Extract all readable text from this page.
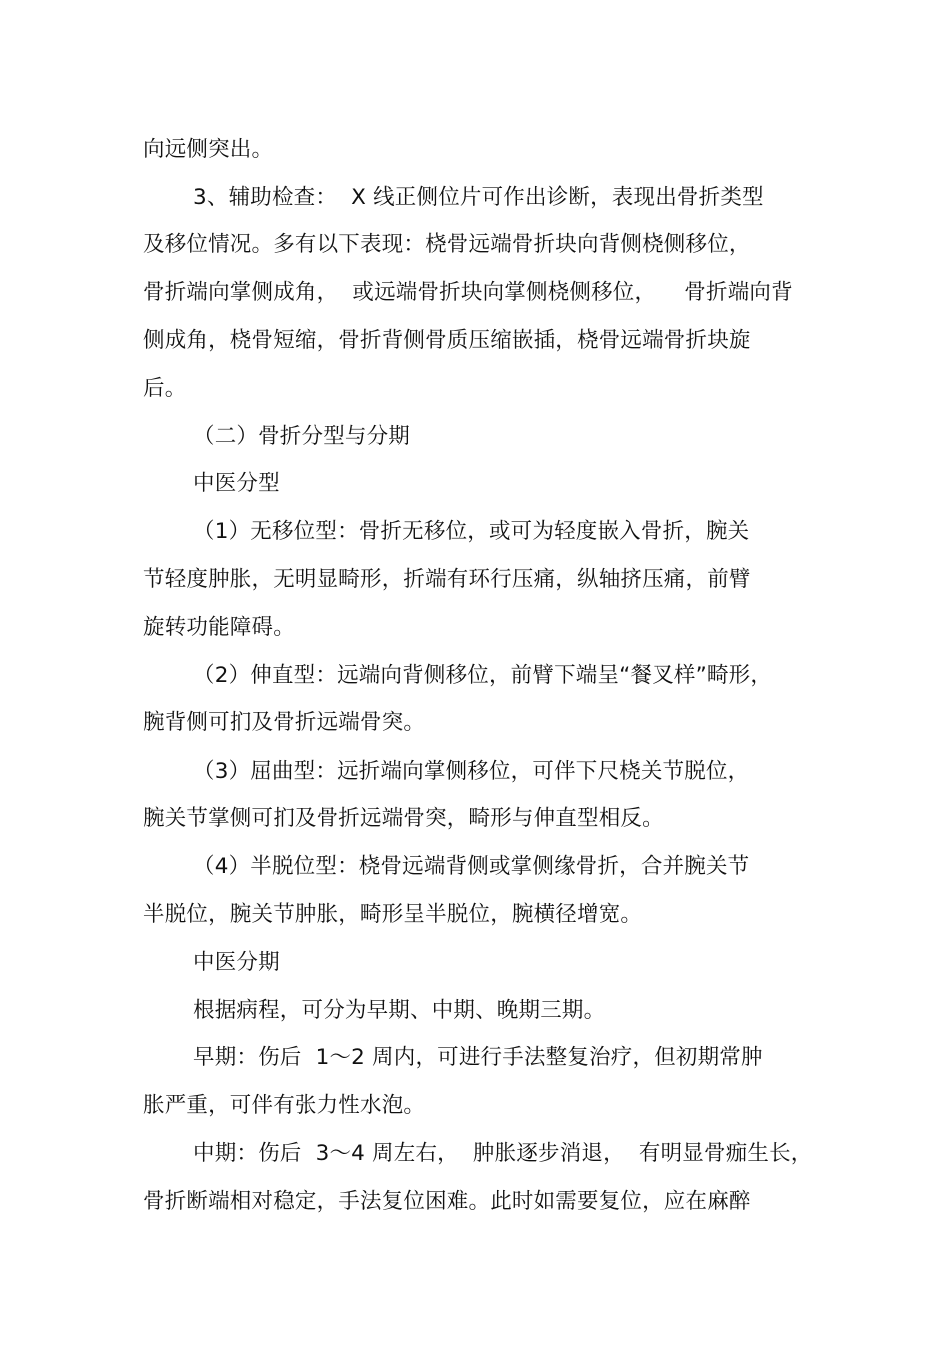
向远侧突出。
3、辅助检查：  X 线正侧位片可作出诊断，表现出骨折类型
及移位情况。多有以下表现：桡骨远端骨折块向背侧桡侧移位，
骨折端向掌侧成角，  或远端骨折块向掌侧桡侧移位，    骨折端向背
侧成角，桡骨短缩，骨折背侧骨质压缩嵌插，桡骨远端骨折块旋
后。
（二）骨折分型与分期
中医分型
（1）无移位型：骨折无移位，或可为轻度嵌入骨折，腕关
节轻度肿胀，无明显畸形，折端有环行压痛，纵轴挤压痛，前臂
旋转功能障碍。
（2）伸直型：远端向背侧移位，前臂下端呈“餐叉样”畸形，
腕背侧可扪及骨折远端骨突。
（3）屈曲型：远折端向掌侧移位，可伴下尺桡关节脱位，
腕关节掌侧可扪及骨折远端骨突，畸形与伸直型相反。
（4）半脱位型：桡骨远端背侧或掌侧缘骨折，合并腕关节
半脱位，腕关节肿胀，畸形呈半脱位，腕横径增宽。
中医分期
根据病程，可分为早期、中期、晚期三期。
早期：伤后  1～2 周内，可进行手法整复治疗，但初期常肿
胀严重，可伴有张力性水泡。
中期：伤后  3～4 周左右，  肿胀逐步消退，  有明显骨痂生长，
骨折断端相对稳定，手法复位困难。此时如需要复位，应在麻醉
